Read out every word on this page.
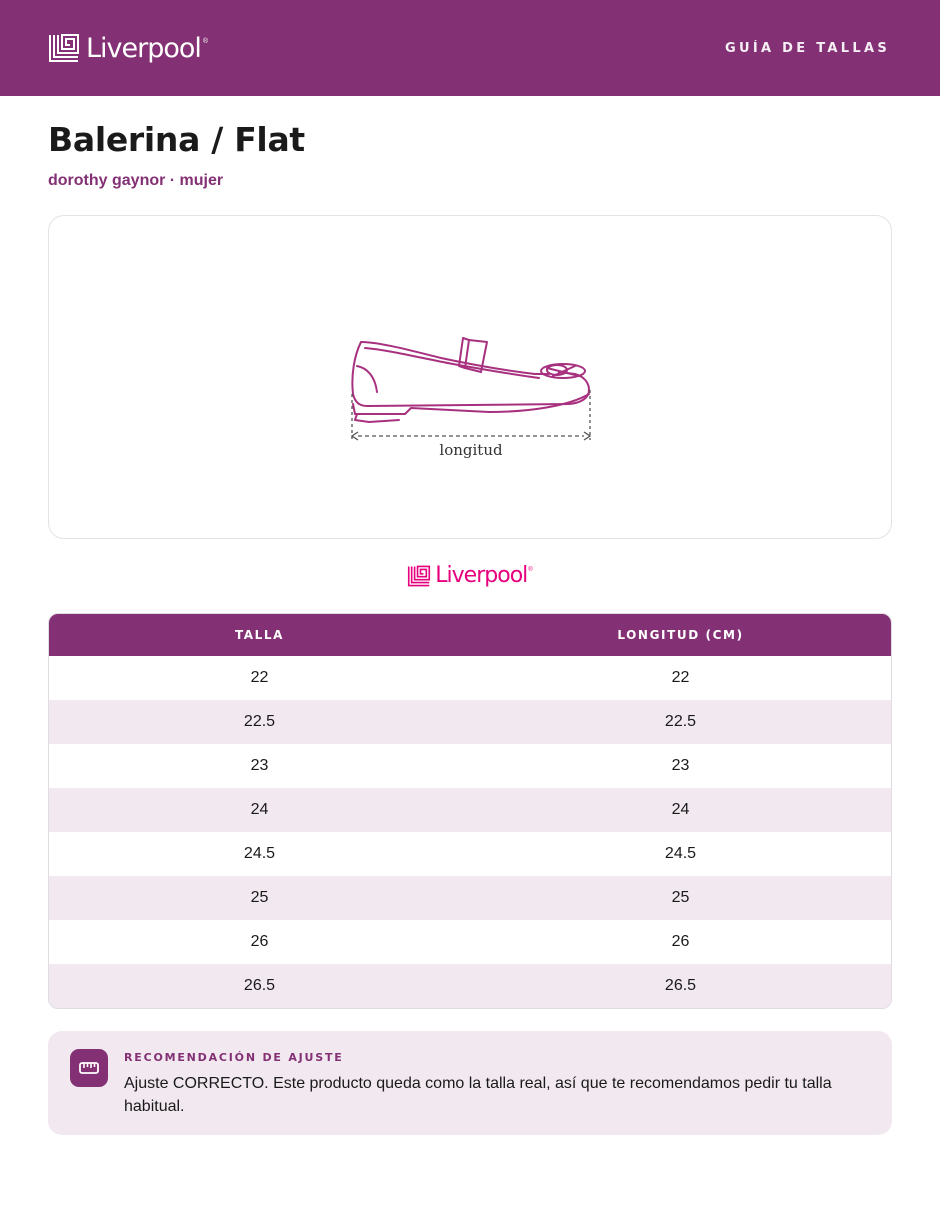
Liverpool ®	GUÍA DE TALLAS
Balerina / Flat
dorothy gaynor · mujer
longitud
Liverpool ®
TALLA	LONGITUD (CM)
22	22
22.5	22.5
23	23
24	24
24.5	24.5
25	25
26	26
26.5	26.5
RECOMENDACIÓN DE AJUSTE
Ajuste CORRECTO. Este producto queda como la talla real, así que te recomendamos pedir tu talla habitual.
